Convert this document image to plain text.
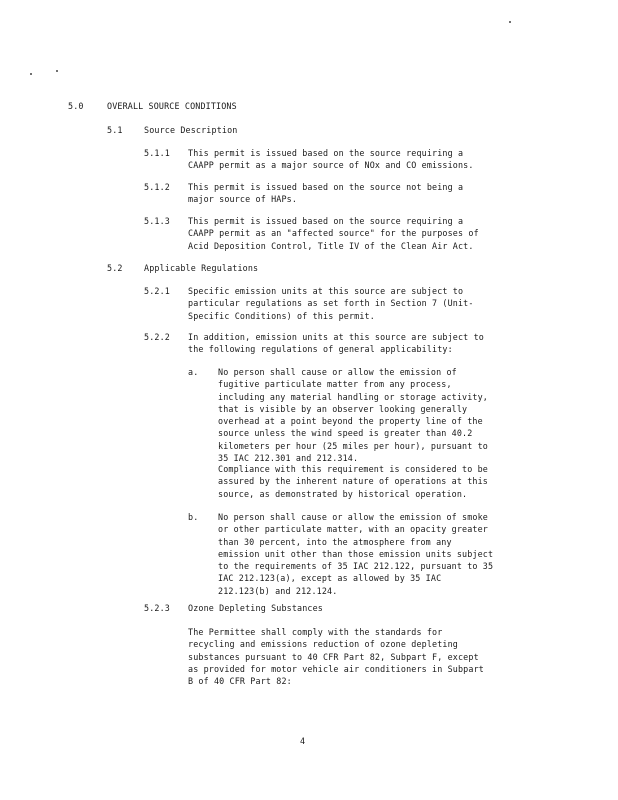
5.0	OVERALL SOURCE CONDITIONS
5.1	Source Description
5.1.1 This permit is issued based on the source requiring a
CAAPP permit as a major source of NOx and CO emissions.
5.1.2 This permit is issued based on the source not being a
major source of HAPs.
5.1.3 This permit is issued based on the source requiring a
CAAPP permit as an "affected source" for the purposes of
Acid Deposition Control, Title IV of the Clean Air Act.
5.2	Applicable Regulations
5.2.1 Specific emission units at this source are subject to
particular regulations as set forth in Section 7 (Unit-
Specific Conditions) of this permit.
5.2.2 In addition, emission units at this source are subject to
the following regulations of general applicability:
a. No person shall cause or allow the emission of
fugitive particulate matter from any process,
including any material handling or storage activity,
that is visible by an observer looking generally
overhead at a point beyond the property line of the
source unless the wind speed is greater than 40.2
kilometers per hour (25 miles per hour), pursuant to
35 IAC 212.301 and 212.314.
Compliance with this requirement is considered to be
assured by the inherent nature of operations at this
source, as demonstrated by historical operation.
b. No person shall cause or allow the emission of smoke
or other particulate matter, with an opacity greater
than 30 percent, into the atmosphere from any
emission unit other than those emission units subject
to the requirements of 35 IAC 212.122, pursuant to 35
IAC 212.123(a), except as allowed by 35 IAC
212.123(b) and 212.124.
5.2.3 Ozone Depleting Substances
The Permittee shall comply with the standards for
recycling and emissions reduction of ozone depleting
substances pursuant to 40 CFR Part 82, Subpart F, except
as provided for motor vehicle air conditioners in Subpart
B of 40 CFR Part 82:
4
